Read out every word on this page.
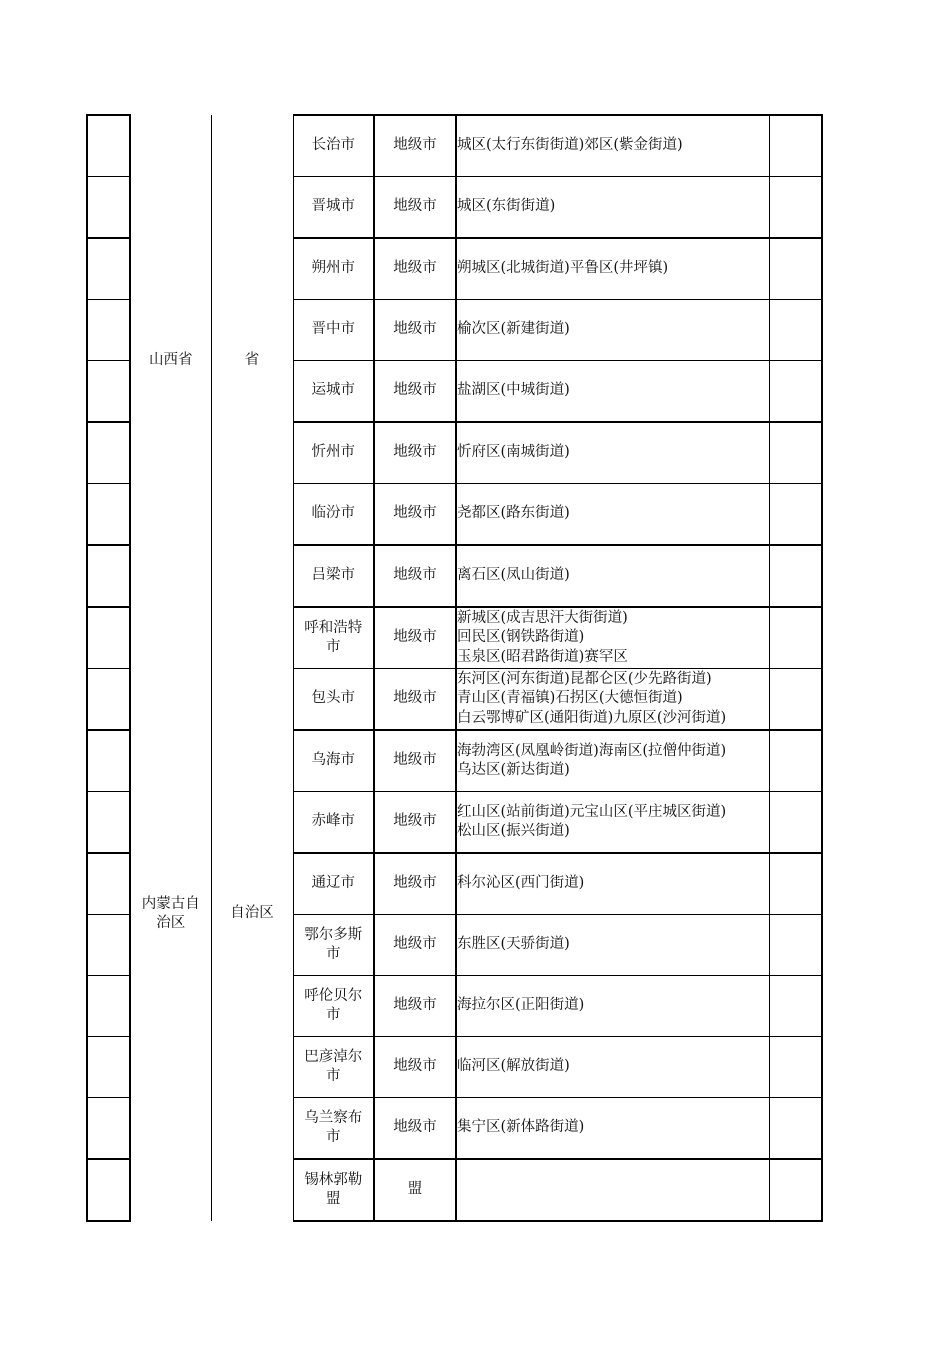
	山西省	省	长治市	地级市	城区(太行东街街道)郊区(紫金街道)	

			晋城市	地级市	城区(东街街道)	

			朔州市	地级市	朔城区(北城街道)平鲁区(井坪镇)	

			晋中市	地级市	榆次区(新建街道)	

			运城市	地级市	盐湖区(中城街道)	

			忻州市	地级市	忻府区(南城街道)	

			临汾市	地级市	尧都区(路东街道)	

			吕梁市	地级市	离石区(凤山街道)	

	内蒙古自治区	自治区	呼和浩特市	地级市	新城区(成吉思汗大街街道)
回民区(钢铁路街道)
玉泉区(昭君路街道)赛罕区	

			包头市	地级市	东河区(河东街道)昆都仑区(少先路街道)
青山区(青福镇)石拐区(大德恒街道)
白云鄂博矿区(通阳街道)九原区(沙河街道)	

			乌海市	地级市	海勃湾区(凤凰岭街道)海南区(拉僧仲街道)
乌达区(新达街道)	

			赤峰市	地级市	红山区(站前街道)元宝山区(平庄城区街道)
松山区(振兴街道)	

			通辽市	地级市	科尔沁区(西门街道)	

			鄂尔多斯市	地级市	东胜区(天骄街道)	

			呼伦贝尔市	地级市	海拉尔区(正阳街道)	

			巴彦淖尔市	地级市	临河区(解放街道)	

			乌兰察布市	地级市	集宁区(新体路街道)	

			锡林郭勒盟	盟		
